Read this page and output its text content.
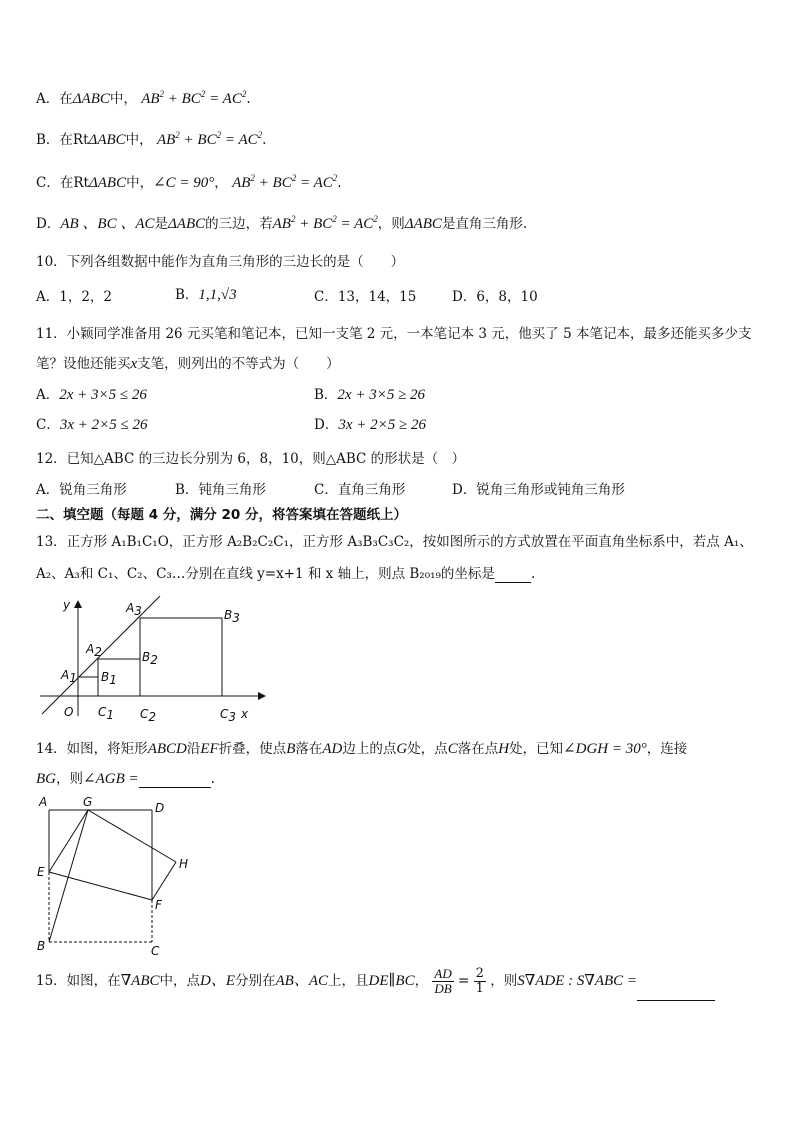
A．在ΔABC中， $AB^2 + BC^2 = AC^2$.
B．在RtΔABC中， $AB^2 + BC^2 = AC^2$.
C．在RtΔABC中，∠C = 90°， $AB^2 + BC^2 = AC^2$.
D．AB 、BC 、AC是ΔABC的三边，若$AB^2 + BC^2 = AC^2$，则ΔABC是直角三角形.
10．下列各组数据中能作为直角三角形的三边长的是（　　）
A．1，2，2	B．1,1,√3	C．13，14，15	D．6，8，10
11．小颖同学准备用 26 元买笔和笔记本，已知一支笔 2 元，一本笔记本 3 元，他买了 5 本笔记本，最多还能买多少支
笔？设他还能买x支笔，则列出的不等式为（　　）
A．2x + 3×5 ≤ 26	B．2x + 3×5 ≥ 26
C．3x + 2×5 ≤ 26	D．3x + 2×5 ≥ 26
12．已知△ABC 的三边长分别为 6，8，10，则△ABC 的形状是（　）
A．锐角三角形	B．钝角三角形	C．直角三角形	D．锐角三角形或钝角三角形
二、填空题（每题 4 分，满分 20 分，将答案填在答题纸上）
13．正方形 A₁B₁C₁O，正方形 A₂B₂C₂C₁，正方形 A₃B₃C₃C₂，按如图所示的方式放置在平面直角坐标系中，若点 A₁、
A₂、A₃和 C₁、C₂、C₃…分别在直线 y=x+1 和 x 轴上，则点 B₂₀₁₉的坐标是	.
y
x
O
A1
A2
A3
B1
B2
B3
C1 C2	C3
14．如图，将矩形ABCD沿EF折叠，使点B落在AD边上的点G处，点C落在点H处，已知∠DGH = 30°，连接
BG，则∠AGB =	.
A	G	D
E
H
F
B	C
15．如图，在∇ABC中，点D、E分别在AB、AC上，且DE∥BC， $\frac{AD}{DB} = \frac{2}{1}$ ，则S∇ADE : S∇ABC =
